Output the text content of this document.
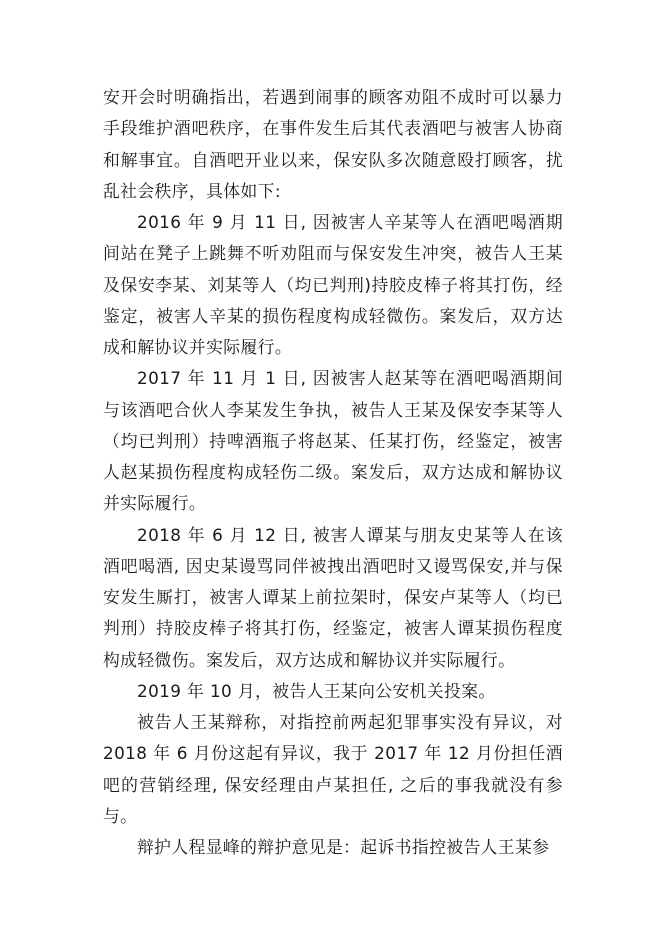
安开会时明确指出，若遇到闹事的顾客劝阻不成时可以暴力手段维护酒吧秩序，在事件发生后其代表酒吧与被害人协商和解事宜。自酒吧开业以来，保安队多次随意殴打顾客，扰乱社会秩序，具体如下:

2016 年 9 月 11 日, 因被害人辛某等人在酒吧喝酒期间站在凳子上跳舞不听劝阻而与保安发生冲突，被告人王某及保安李某、刘某等人（均已判刑)持胶皮棒子将其打伤，经鉴定，被害人辛某的损伤程度构成轻微伤。案发后，双方达成和解协议并实际履行。

2017 年 11 月 1 日, 因被害人赵某等在酒吧喝酒期间与该酒吧合伙人李某发生争执，被告人王某及保安李某等人（均已判刑）持啤酒瓶子将赵某、任某打伤，经鉴定，被害人赵某损伤程度构成轻伤二级。案发后，双方达成和解协议并实际履行。

2018 年 6 月 12 日, 被害人谭某与朋友史某等人在该酒吧喝酒, 因史某谩骂同伴被拽出酒吧时又谩骂保安,并与保安发生厮打，被害人谭某上前拉架时，保安卢某等人（均已判刑）持胶皮棒子将其打伤，经鉴定，被害人谭某损伤程度构成轻微伤。案发后，双方达成和解协议并实际履行。

2019 年 10 月，被告人王某向公安机关投案。

被告人王某辩称，对指控前两起犯罪事实没有异议，对 2018 年 6 月份这起有异议，我于 2017 年 12 月份担任酒吧的营销经理, 保安经理由卢某担任, 之后的事我就没有参与。

辩护人程显峰的辩护意见是：起诉书指控被告人王某参
